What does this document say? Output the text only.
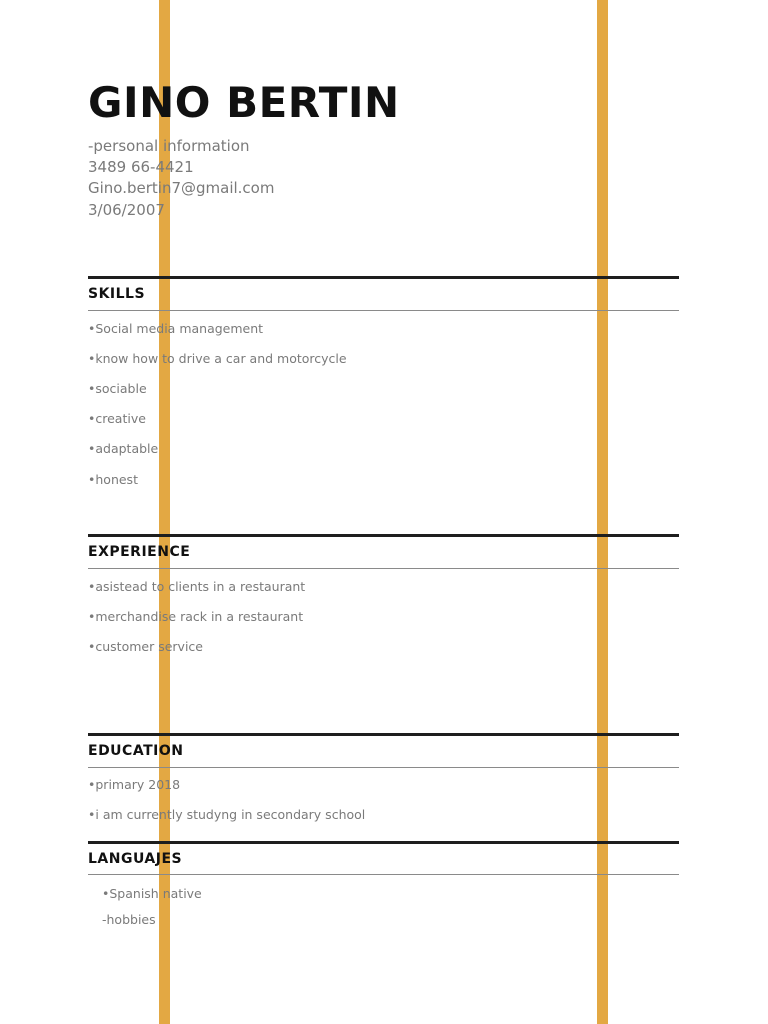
GINO BERTIN
-personal information
3489 66-4421
Gino.bertin7@gmail.com
3/06/2007
SKILLS
•Social media management
•know how to drive a car and motorcycle
•sociable
•creative
•adaptable
•honest
EXPERIENCE
•asistead to clients in a restaurant
•merchandise rack in a restaurant
•customer service
EDUCATION
•primary 2018
•i am currently studyng in secondary school
LANGUAJES
•Spanish native
-hobbies
